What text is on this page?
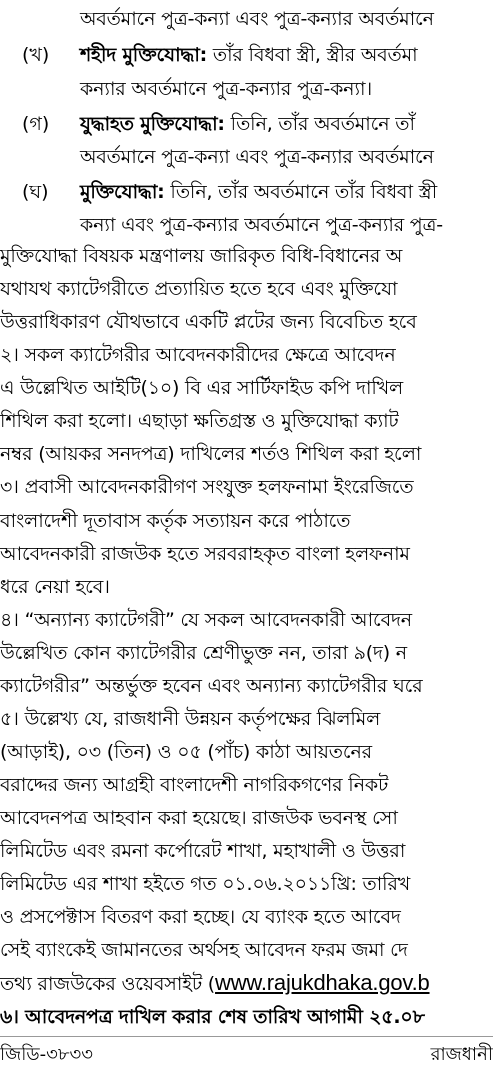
অবর্তমানে পুত্র-কন্যা এবং পুত্র-কন্যার অবর্তমানে
(খ) শহীদ মুক্তিযোদ্ধা: তাঁর বিধবা স্ত্রী, স্ত্রীর অবর্তমা
কন্যার অবর্তমানে পুত্র-কন্যার পুত্র-কন্যা।
(গ) যুদ্ধাহত মুক্তিযোদ্ধা: তিনি, তাঁর অবর্তমানে তাঁ
অবর্তমানে পুত্র-কন্যা এবং পুত্র-কন্যার অবর্তমানে
(ঘ) মুক্তিযোদ্ধা: তিনি, তাঁর অবর্তমানে তাঁর বিধবা স্ত্রী
কন্যা এবং পুত্র-কন্যার অবর্তমানে পুত্র-কন্যার পুত্র-
মুক্তিযোদ্ধা বিষয়ক মন্ত্রণালয় জারিকৃত বিধি-বিধানের অ
যথাযথ ক্যাটেগরীতে প্রত্যায়িত হতে হবে এবং মুক্তিযো
উত্তরাধিকারণ যৌথভাবে একটি প্লটের জন্য বিবেচিত হবে
২। সকল ক্যাটেগরীর আবেদনকারীদের ক্ষেত্রে আবেদন
এ উল্লেখিত আইটি(১০) বি এর সার্টিফাইড কপি দাখিল
শিথিল করা হলো। এছাড়া ক্ষতিগ্রস্ত ও মুক্তিযোদ্ধা ক্যাট
নম্বর (আয়কর সনদপত্র) দাখিলের শর্তও শিথিল করা হলো
৩। প্রবাসী আবেদনকারীগণ সংযুক্ত হলফনামা ইংরেজিতে
বাংলাদেশী দূতাবাস কর্তৃক সত্যায়ন করে পাঠাতে
আবেদনকারী রাজউক হতে সরবরাহকৃত বাংলা হলফনাম
ধরে নেয়া হবে।
৪। “অন্যান্য ক্যাটেগরী” যে সকল আবেদনকারী আবেদন
উল্লেখিত কোন ক্যাটেগরীর শ্রেণীভুক্ত নন, তারা ৯(দ) ন
ক্যাটেগরীর” অন্তর্ভুক্ত হবেন এবং অন্যান্য ক্যাটেগরীর ঘরে
৫। উল্লেখ্য যে, রাজধানী উন্নয়ন কর্তৃপক্ষের ঝিলমিল
(আড়াই), ০৩ (তিন) ও ০৫ (পাঁচ) কাঠা আয়তনের
বরাদ্দের জন্য আগ্রহী বাংলাদেশী নাগরিকগণের নিকট
আবেদনপত্র আহবান করা হয়েছে। রাজউক ভবনস্থ সো
লিমিটেড এবং রমনা কর্পোরেট শাখা, মহাখালী ও উত্তরা
লিমিটেড এর শাখা হইতে গত ০১.০৬.২০১১খ্রি: তারিখ
ও প্রসপেক্টাস বিতরণ করা হচ্ছে। যে ব্যাংক হতে আবেদ
সেই ব্যাংকেই জামানতের অর্থসহ আবেদন ফরম জমা দে
তথ্য রাজউকের ওয়েবসাইট (www.rajukdhaka.gov.b
৬। আবেদনপত্র দাখিল করার শেষ তারিখ আগামী ২৫.০৮
জিডি-৩৮৩৩	রাজধানী
